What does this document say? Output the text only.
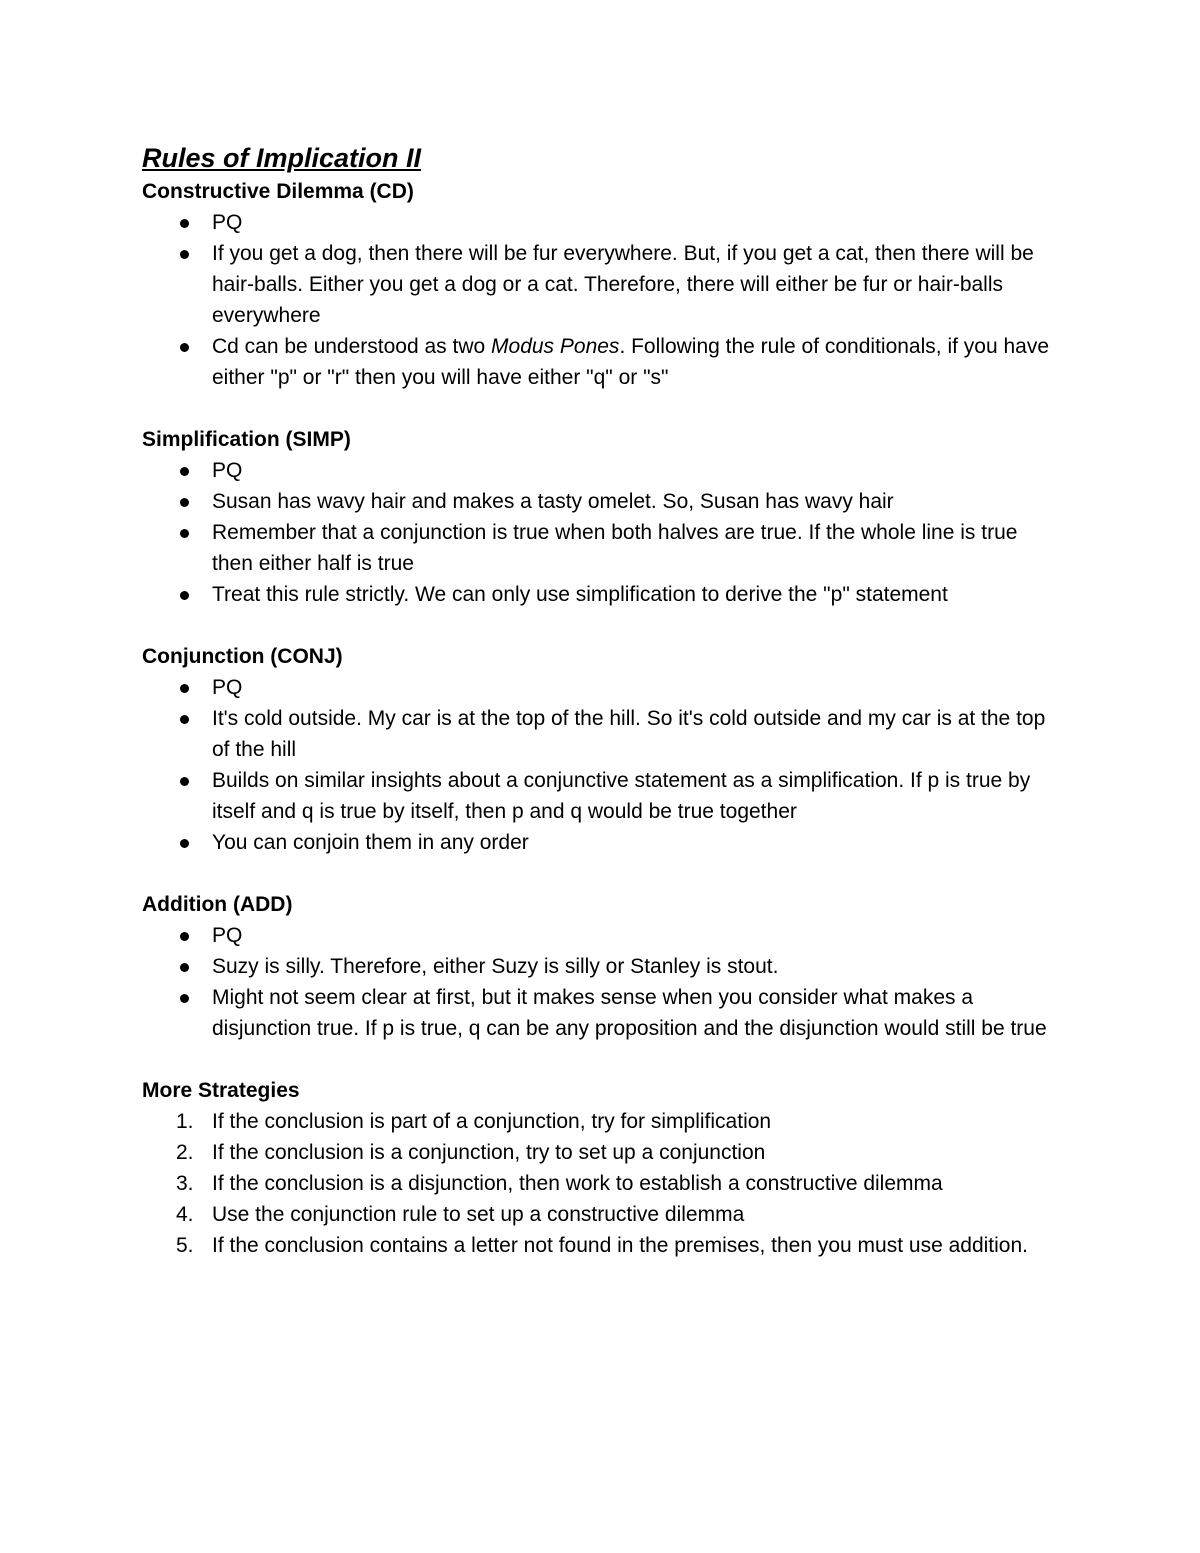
Rules of Implication II
Constructive Dilemma (CD)
PQ
If you get a dog, then there will be fur everywhere. But, if you get a cat, then there will be hair-balls. Either you get a dog or a cat. Therefore, there will either be fur or hair-balls everywhere
Cd can be understood as two Modus Pones. Following the rule of conditionals, if you have either "p" or "r" then you will have either "q" or "s"
Simplification (SIMP)
PQ
Susan has wavy hair and makes a tasty omelet. So, Susan has wavy hair
Remember that a conjunction is true when both halves are true. If the whole line is true then either half is true
Treat this rule strictly. We can only use simplification to derive the "p" statement
Conjunction (CONJ)
PQ
It's cold outside. My car is at the top of the hill. So it's cold outside and my car is at the top of the hill
Builds on similar insights about a conjunctive statement as a simplification. If p is true by itself and q is true by itself, then p and q would be true together
You can conjoin them in any order
Addition (ADD)
PQ
Suzy is silly. Therefore, either Suzy is silly or Stanley is stout.
Might not seem clear at first, but it makes sense when you consider what makes a disjunction true. If p is true, q can be any proposition and the disjunction would still be true
More Strategies
1. If the conclusion is part of a conjunction, try for simplification
2. If the conclusion is a conjunction, try to set up a conjunction
3. If the conclusion is a disjunction, then work to establish a constructive dilemma
4. Use the conjunction rule to set up a constructive dilemma
5. If the conclusion contains a letter not found in the premises, then you must use addition.
